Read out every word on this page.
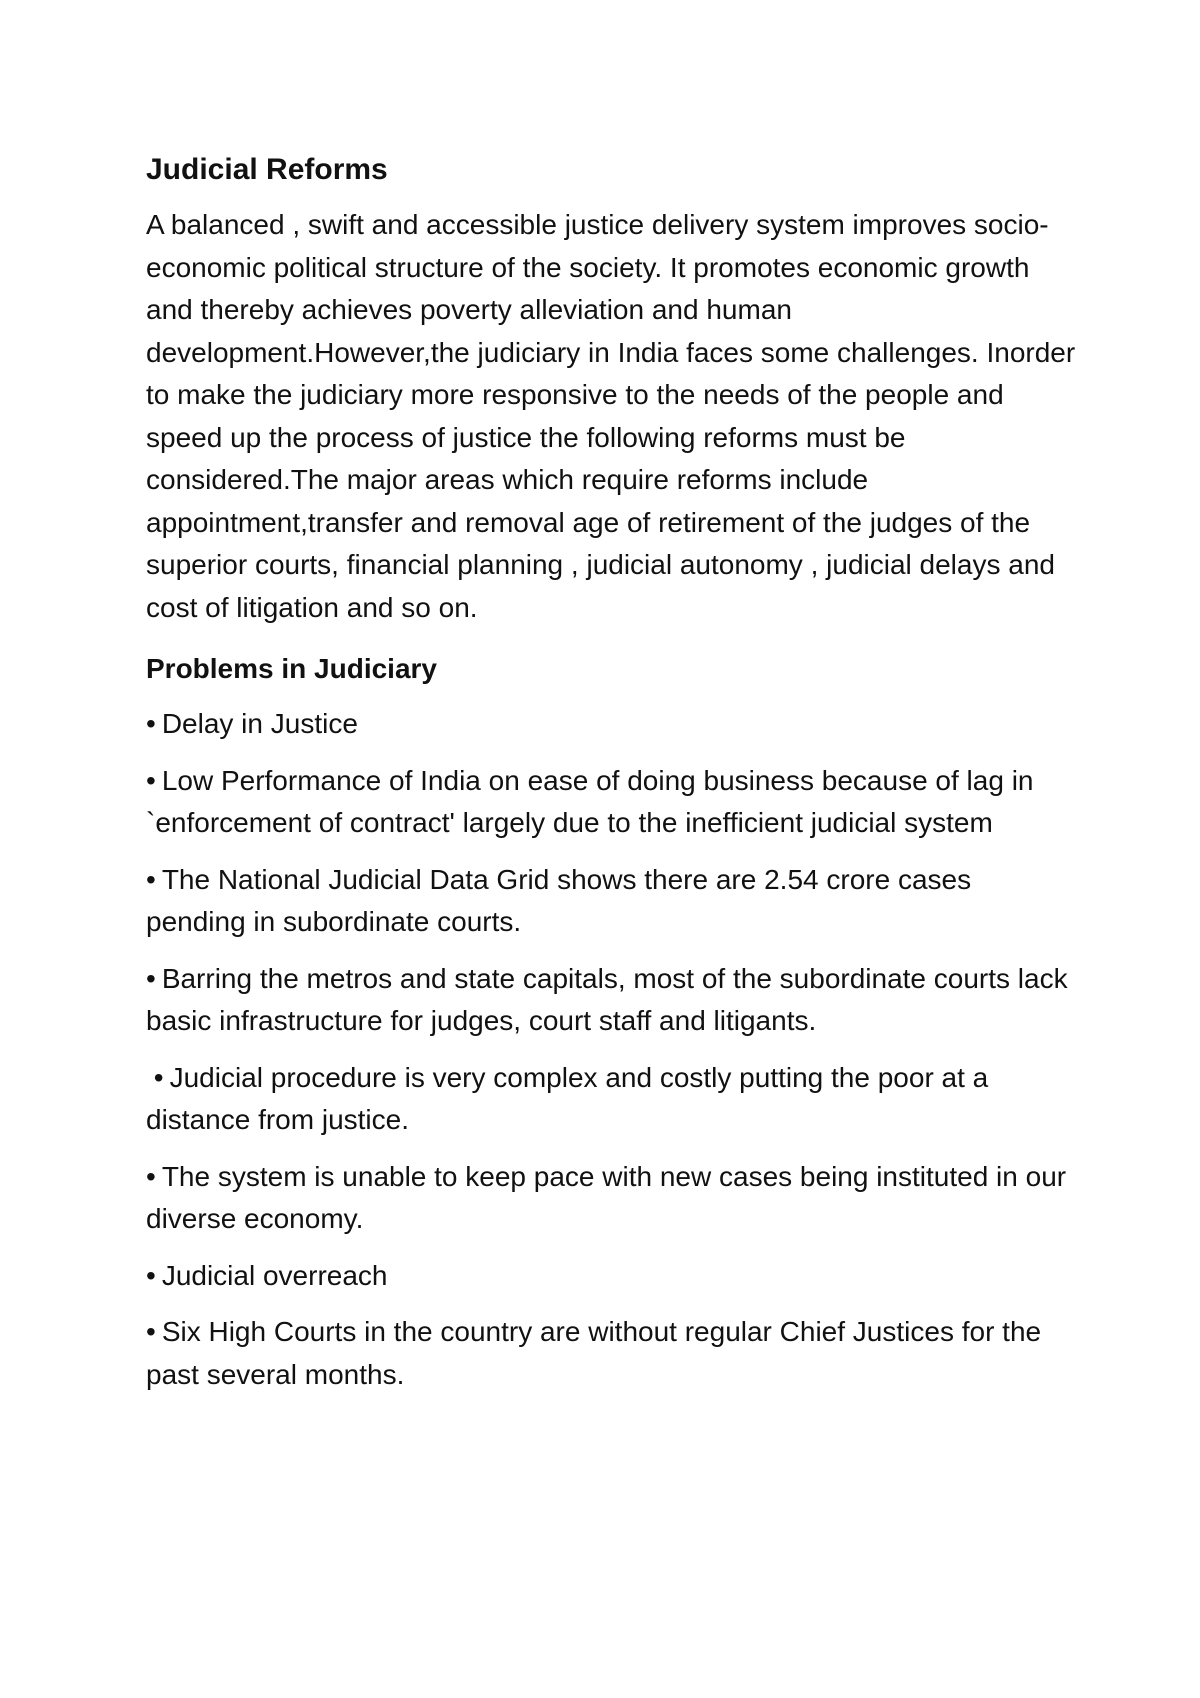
Judicial Reforms

A balanced , swift and accessible justice delivery system improves socio-economic political structure of the society. It promotes economic growth and thereby achieves poverty alleviation and human development.However,the judiciary in India faces some challenges. Inorder to make the judiciary more responsive to the needs of the people and speed up the process of justice the following reforms must be considered.The major areas which require reforms include appointment,transfer and removal age of retirement of the judges of the superior courts, financial planning , judicial autonomy , judicial delays and cost of litigation and so on.

Problems in Judiciary
• Delay in Justice
• Low Performance of India on ease of doing business because of lag in `enforcement of contract' largely due to the inefficient judicial system
• The National Judicial Data Grid shows there are 2.54 crore cases pending in subordinate courts.
• Barring the metros and state capitals, most of the subordinate courts lack basic infrastructure for judges, court staff and litigants.
• Judicial procedure is very complex and costly putting the poor at a distance from justice.
• The system is unable to keep pace with new cases being instituted in our diverse economy.
• Judicial overreach
• Six High Courts in the country are without regular Chief Justices for the past several months.
